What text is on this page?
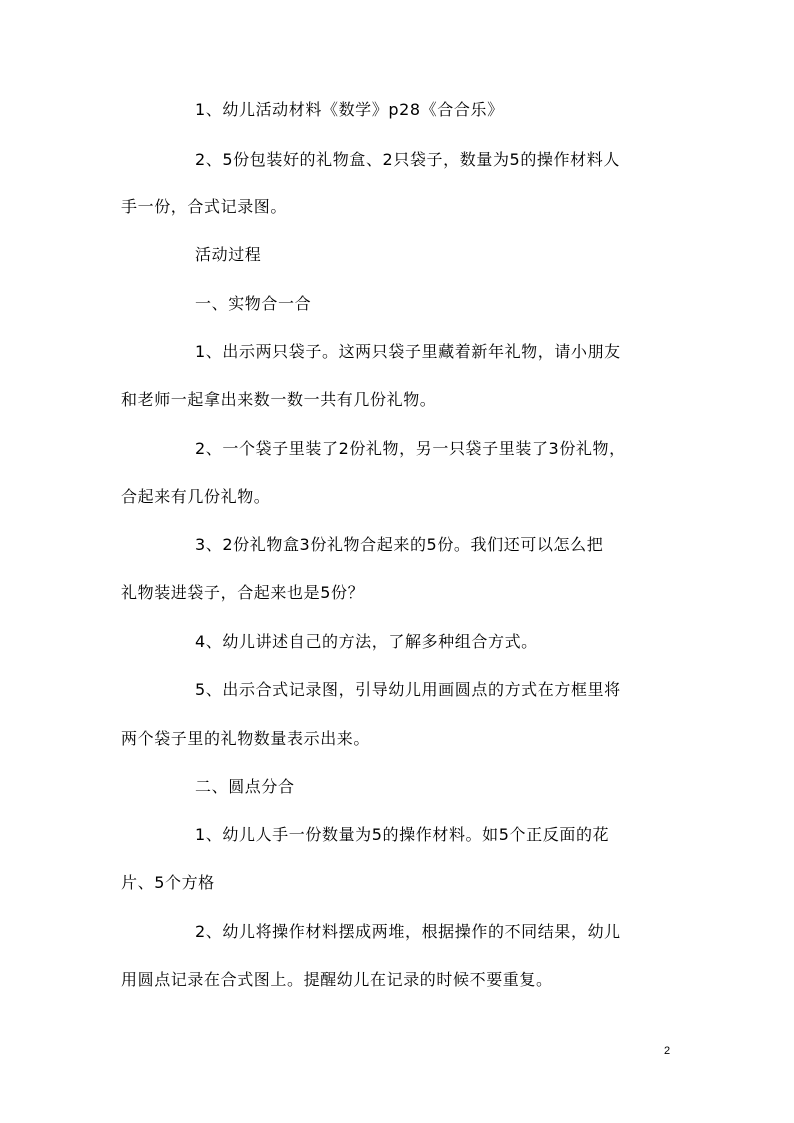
1、幼儿活动材料《数学》p28《合合乐》
2、5份包装好的礼物盒、2只袋子，数量为5的操作材料人
手一份，合式记录图。
活动过程
一、实物合一合
1、出示两只袋子。这两只袋子里藏着新年礼物，请小朋友
和老师一起拿出来数一数一共有几份礼物。
2、一个袋子里装了2份礼物，另一只袋子里装了3份礼物，
合起来有几份礼物。
3、2份礼物盒3份礼物合起来的5份。我们还可以怎么把
礼物装进袋子，合起来也是5份？
4、幼儿讲述自己的方法，了解多种组合方式。
5、出示合式记录图，引导幼儿用画圆点的方式在方框里将
两个袋子里的礼物数量表示出来。
二、圆点分合
1、幼儿人手一份数量为5的操作材料。如5个正反面的花
片、5个方格
2、幼儿将操作材料摆成两堆，根据操作的不同结果，幼儿
用圆点记录在合式图上。提醒幼儿在记录的时候不要重复。
2
